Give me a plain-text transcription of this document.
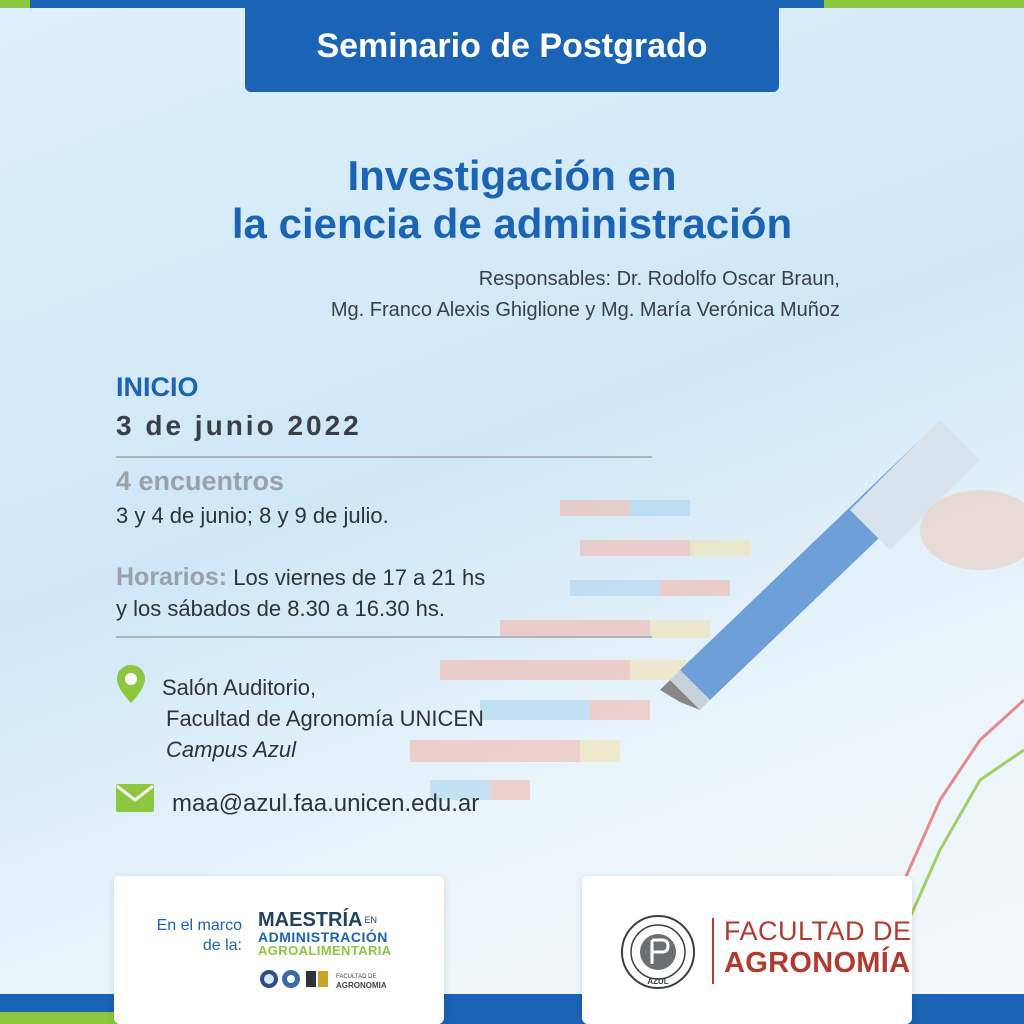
Seminario de Postgrado
Investigación en
la ciencia de administración
Responsables: Dr. Rodolfo Oscar Braun,
Mg. Franco Alexis Ghiglione y Mg. María Verónica Muñoz
INICIO
3 de junio 2022
4 encuentros
3 y 4 de junio; 8 y 9 de julio.
Horarios: Los viernes de 17 a 21 hs
y los sábados de 8.30 a 16.30 hs.
Salón Auditorio,
Facultad de Agronomía UNICEN
Campus Azul
maa@azul.faa.unicen.edu.ar
En el marco
de la:
MAESTRÍA $^{EN}$
ADMINISTRACIÓN
AGROALIMENTARIA
FACULTAD DE
AGRONOMIA	AZUL
FACULTAD DE
AGRONOMÍA
